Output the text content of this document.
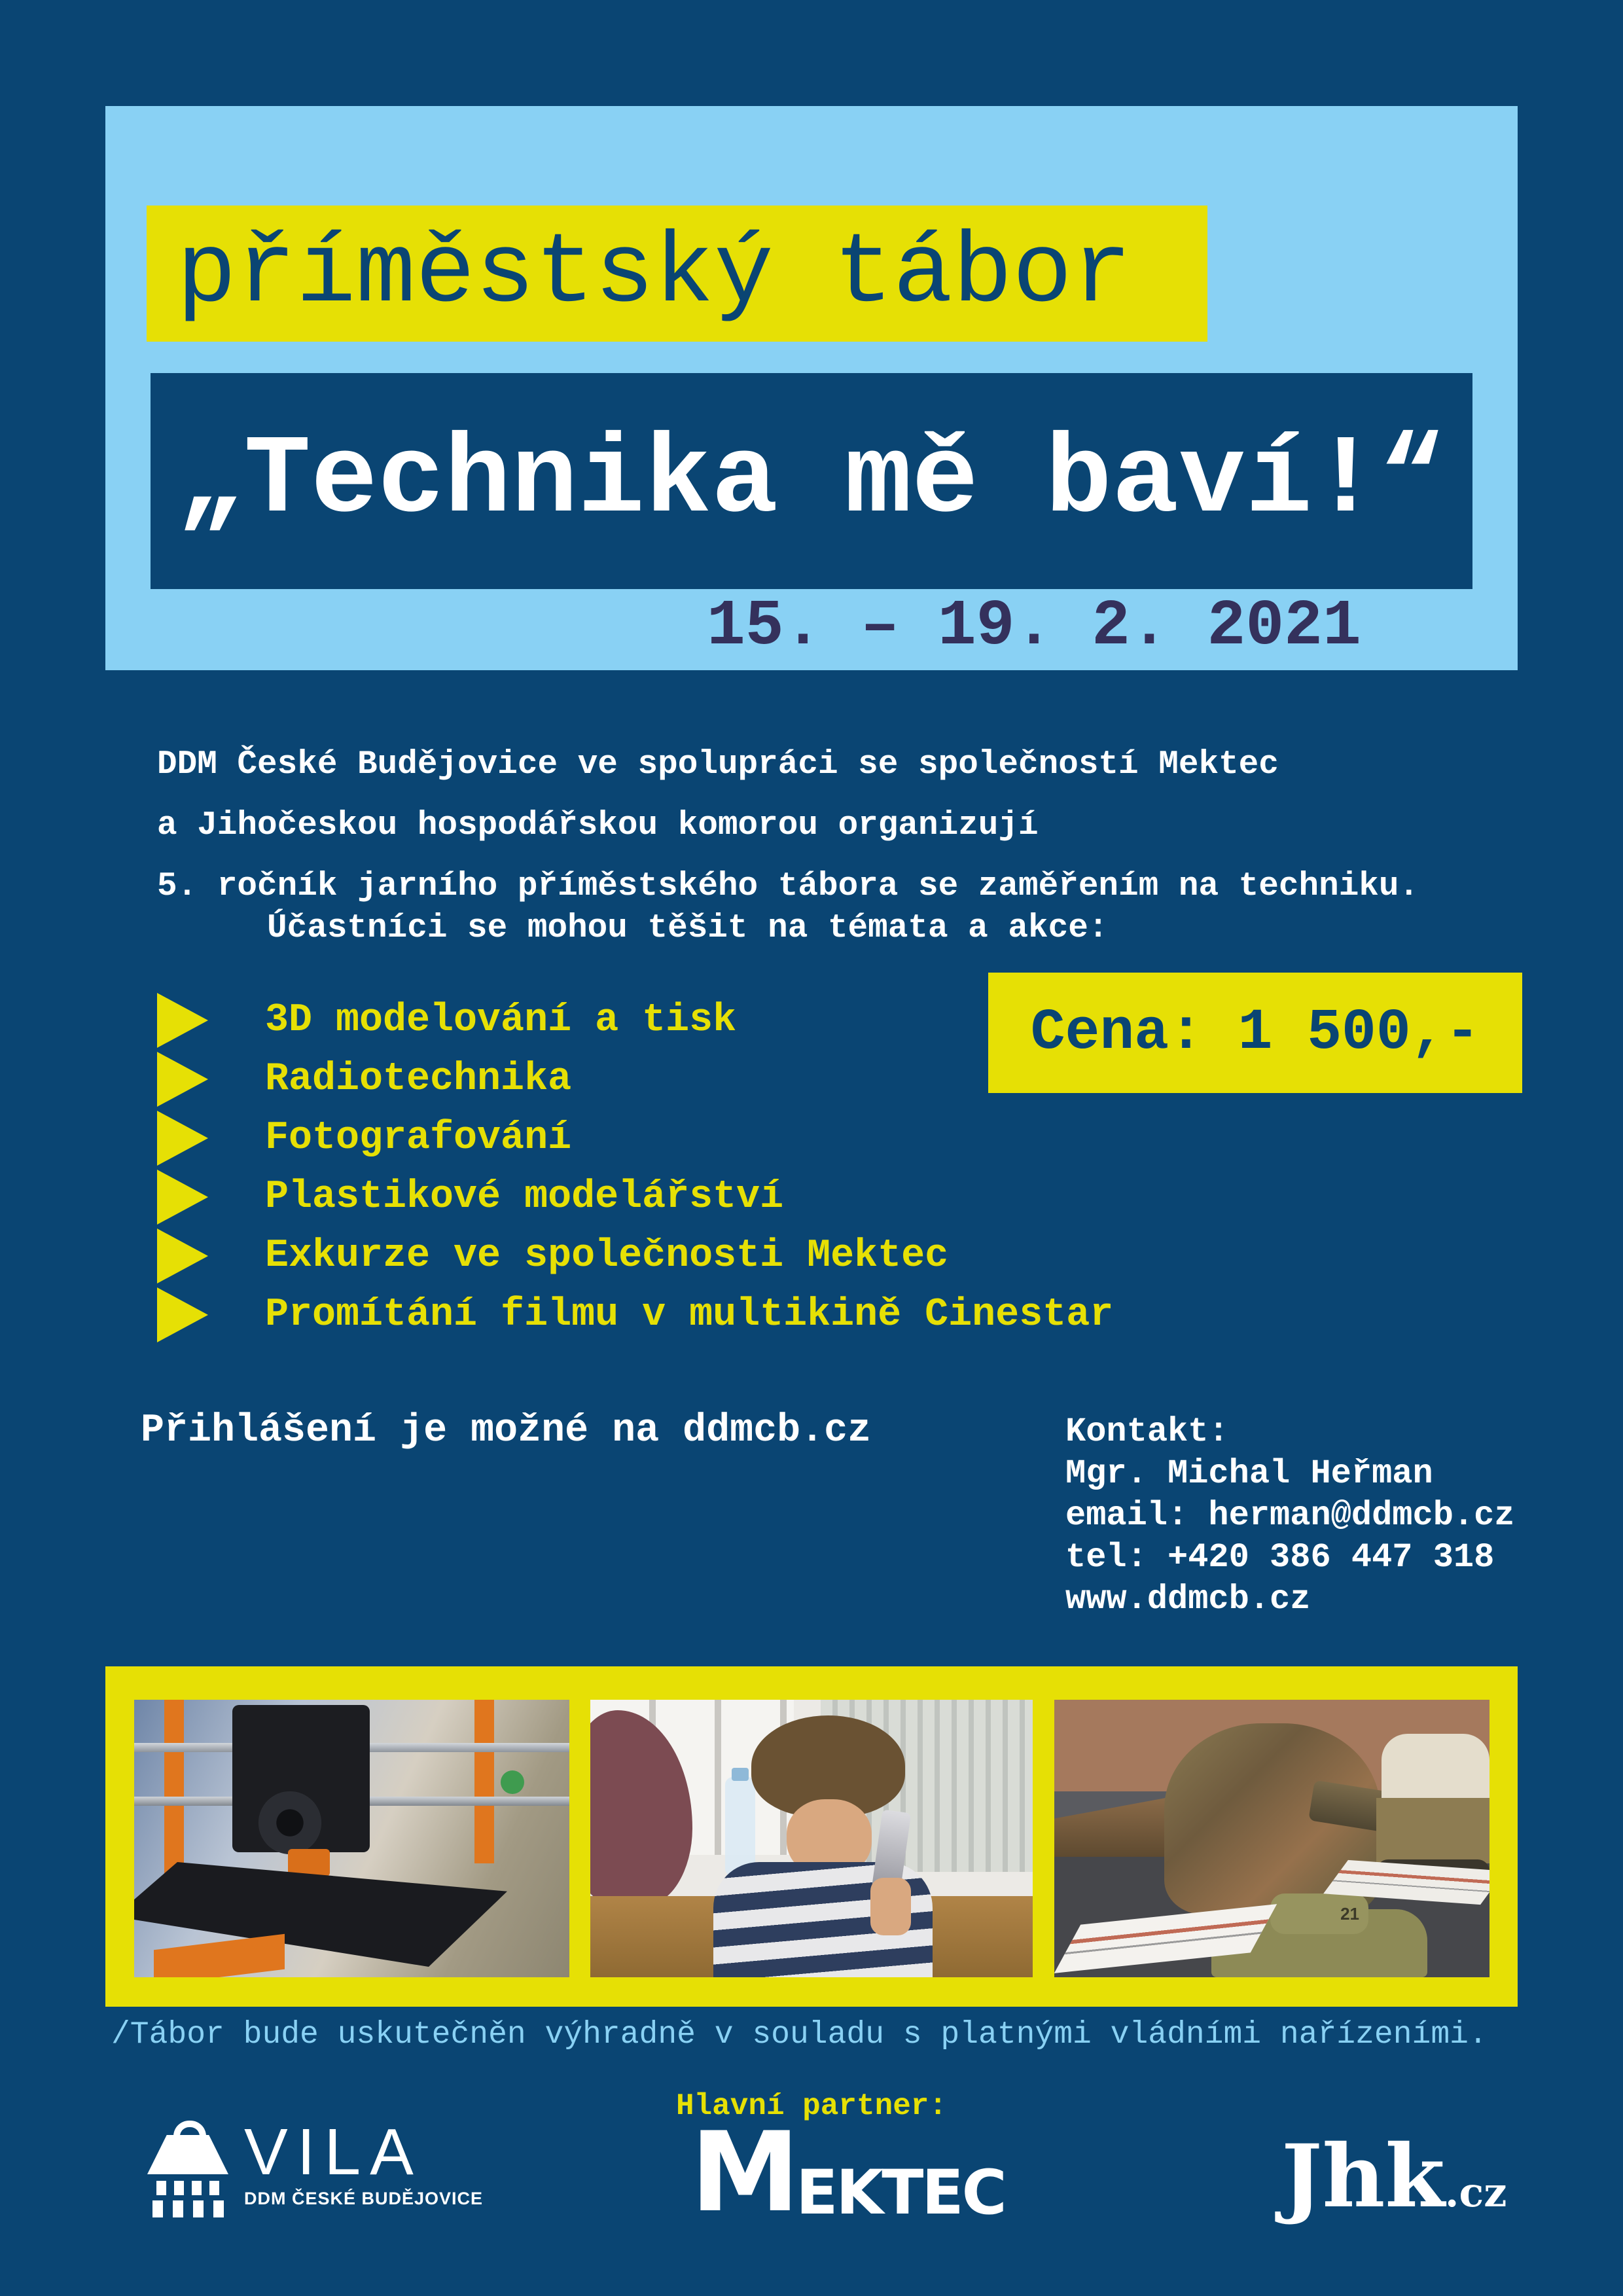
příměstský tábor
„Technika mě baví!“
15. – 19. 2. 2021
DDM České Budějovice ve spolupráci se společností Mektec
a Jihočeskou hospodářskou komorou organizují
5. ročník jarního příměstského tábora se zaměřením na techniku.
Účastníci se mohou těšit na témata a akce:
3D modelování a tisk
Radiotechnika
Fotografování
Plastikové modelářství
Exkurze ve společnosti Mektec
Promítání filmu v multikině Cinestar
Cena: 1 500,-
Přihlášení je možné na ddmcb.cz	Kontakt:
Mgr. Michal Heřman
email: herman@ddmcb.cz
tel: +420 386 447 318
www.ddmcb.cz
21
/Tábor bude uskutečněn výhradně v souladu s platnými vládními nařízeními.
Hlavní partner:
VILA
DDM ČESKÉ BUDĚJOVICE M EKTEC	Jhk .cz
